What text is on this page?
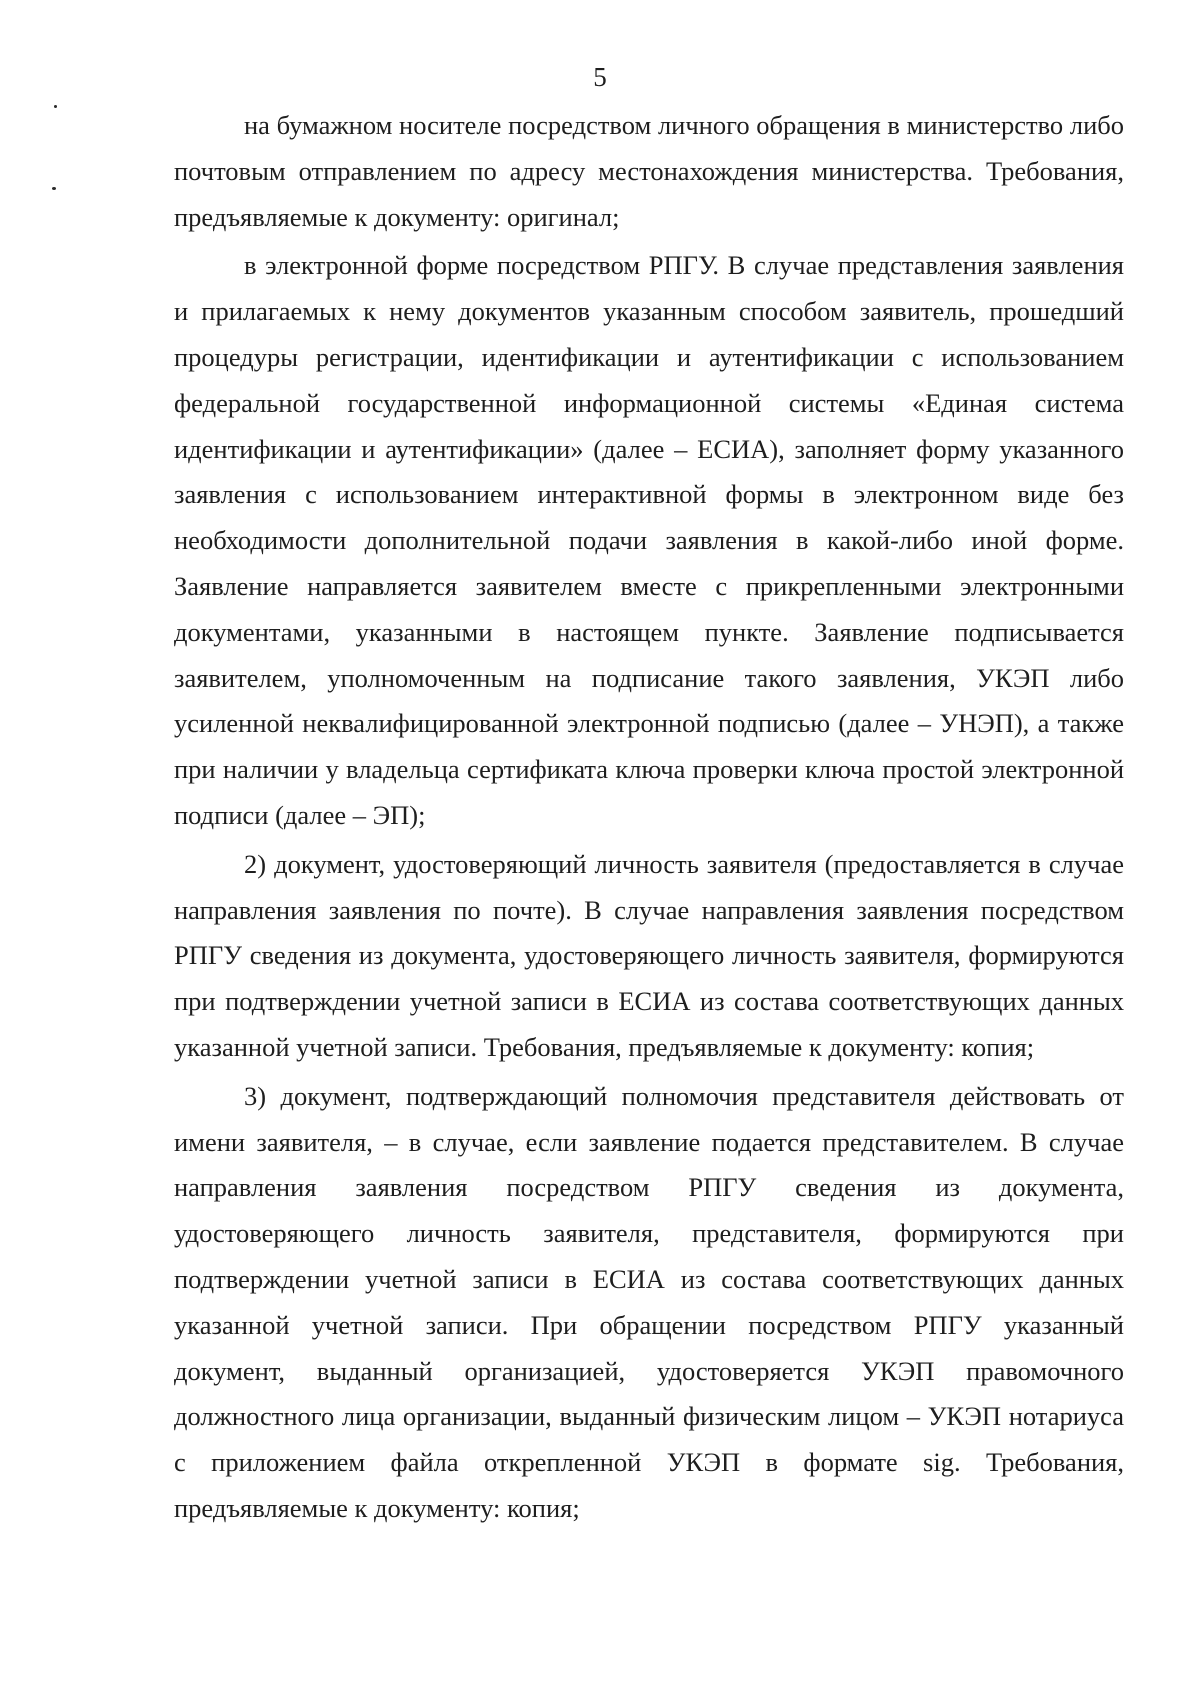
5

на бумажном носителе посредством личного обращения в министерство либо почтовым отправлением по адресу местонахождения министерства. Требования, предъявляемые к документу: оригинал;

в электронной форме посредством РПГУ. В случае представления заявления и прилагаемых к нему документов указанным способом заявитель, прошедший процедуры регистрации, идентификации и аутентификации с использованием федеральной государственной информационной системы «Единая система идентификации и аутентификации» (далее – ЕСИА), заполняет форму указанного заявления с использованием интерактивной формы в электронном виде без необходимости дополнительной подачи заявления в какой-либо иной форме. Заявление направляется заявителем вместе с прикрепленными электронными документами, указанными в настоящем пункте. Заявление подписывается заявителем, уполномоченным на подписание такого заявления, УКЭП либо усиленной неквалифицированной электронной подписью (далее – УНЭП), а также при наличии у владельца сертификата ключа проверки ключа простой электронной подписи (далее – ЭП);

2) документ, удостоверяющий личность заявителя (предоставляется в случае направления заявления по почте). В случае направления заявления посредством РПГУ сведения из документа, удостоверяющего личность заявителя, формируются при подтверждении учетной записи в ЕСИА из состава соответствующих данных указанной учетной записи. Требования, предъявляемые к документу: копия;

3) документ, подтверждающий полномочия представителя действовать от имени заявителя, – в случае, если заявление подается представителем. В случае направления заявления посредством РПГУ сведения из документа, удостоверяющего личность заявителя, представителя, формируются при подтверждении учетной записи в ЕСИА из состава соответствующих данных указанной учетной записи. При обращении посредством РПГУ указанный документ, выданный организацией, удостоверяется УКЭП правомочного должностного лица организации, выданный физическим лицом – УКЭП нотариуса с приложением файла открепленной УКЭП в формате sig. Требования, предъявляемые к документу: копия;
